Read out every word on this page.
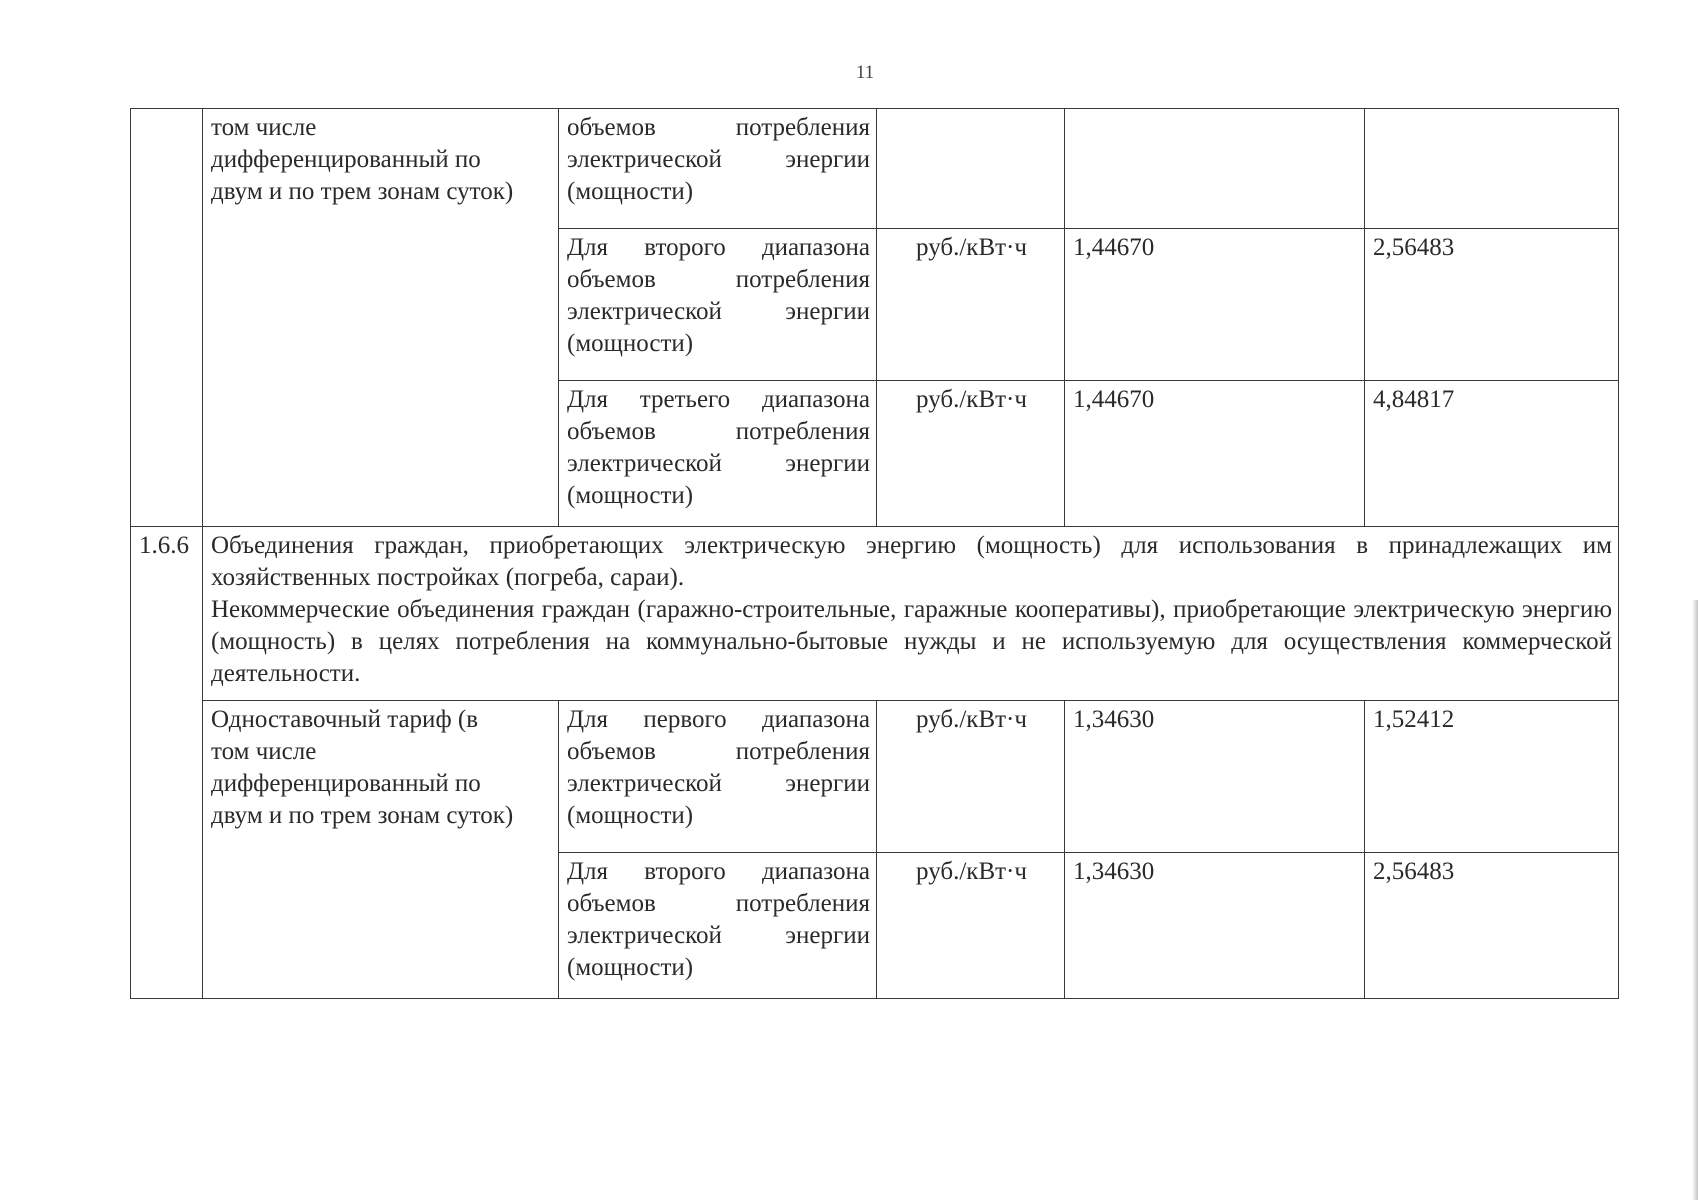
11
	том числе дифференцированный по двум и по трем зонам суток)	объемов потребления
электрической энергии

(мощности)			

		Для второго диапазона
объемов потребления
электрической энергии

(мощности)	руб./кВт·ч	1,44670	2,56483
		Для третьего диапазона
объемов потребления
электрической энергии

(мощности)	руб./кВт·ч	1,44670	4,84817
1.6.6	Объединения граждан, приобретающих электрическую энергию (мощность) для использования в принадлежащих им хозяйственных постройках (погреба, сараи).

Некоммерческие объединения граждан (гаражно-строительные, гаражные кооперативы), приобретающие электрическую энергию (мощность) в целях потребления на коммунально-бытовые нужды и не используемую для осуществления коммерческой деятельности.				

	Одноставочный тариф (в том числе дифференцированный по двум и по трем зонам суток)	Для первого диапазона
объемов потребления
электрической энергии

(мощности)	руб./кВт·ч	1,34630	1,52412
		Для второго диапазона
объемов потребления
электрической энергии

(мощности)	руб./кВт·ч	1,34630	2,56483
